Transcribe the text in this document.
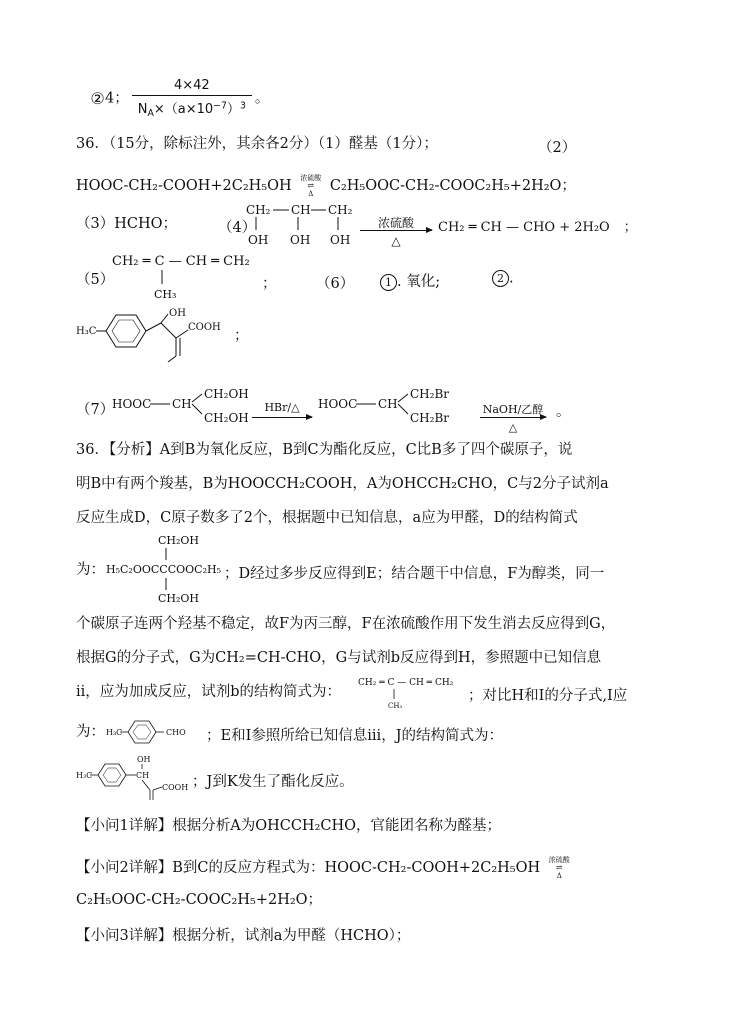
②4； $\frac{4\times 42}{N_A\times(a\times 10^{-7})^3}$ 。
36．（15分，除标注外，其余各2分）（1）醛基（1分）；	（2）
HOOC-CH₂-COOH+2C₂H₅OH 浓硫酸
⇌
Δ	C₂H₅OOC-CH₂-COOC₂H₅+2H₂O；
（3）HCHO；	（4）
CH₂ CH CH₂
OH OH OH
浓硫酸
△
CH₂ ═ CH — CHO + 2H₂O ；
（5）
CH₂ ═ C — CH ═ CH₂
CH₃
；	（6）	1 . 氧化;	2 .
H₃C
OH
COOH
；
（7）
HOOC CH
CH₂OH
CH₂OH
HBr/△	HOOC CH
CH₂Br
CH₂Br
NaOH/乙醇
△
。
36．【分析】A到B为氧化反应，B到C为酯化反应，C比B多了四个碳原子，说
明B中有两个羧基，B为HOOCCH₂COOH，A为OHCCH₂CHO，C与2分子试剂a
反应生成D，C原子数多了2个，根据题中已知信息，a应为甲醛，D的结构简式
为：
CH₂OH
H₅C₂OOCCCOOC₂H₅
CH₂OH
；D经过多步反应得到E；结合题干中信息，F为醇类，同一
个碳原子连两个羟基不稳定，故F为丙三醇，F在浓硫酸作用下发生消去反应得到G，
根据G的分子式，G为CH₂=CH-CHO，G与试剂b反应得到H，参照题中已知信息
ⅱ，应为加成反应，试剂b的结构简式为：
CH₂ ═ C — CH ═ CH₂
CH₃
；对比H和I的分子式,I应
为： H₃C	CHO ；E和I参照所给已知信息ⅲ，J的结构简式为：
H₃C	CH
OH
COOH ；J到K发生了酯化反应。
【小问1详解】根据分析A为OHCCH₂CHO，官能团名称为醛基；
【小问2详解】B到C的反应方程式为：HOOC-CH₂-COOH+2C₂H₅OH 浓硫酸
⇌
Δ
C₂H₅OOC-CH₂-COOC₂H₅+2H₂O；
【小问3详解】根据分析，试剂a为甲醛（HCHO）；
